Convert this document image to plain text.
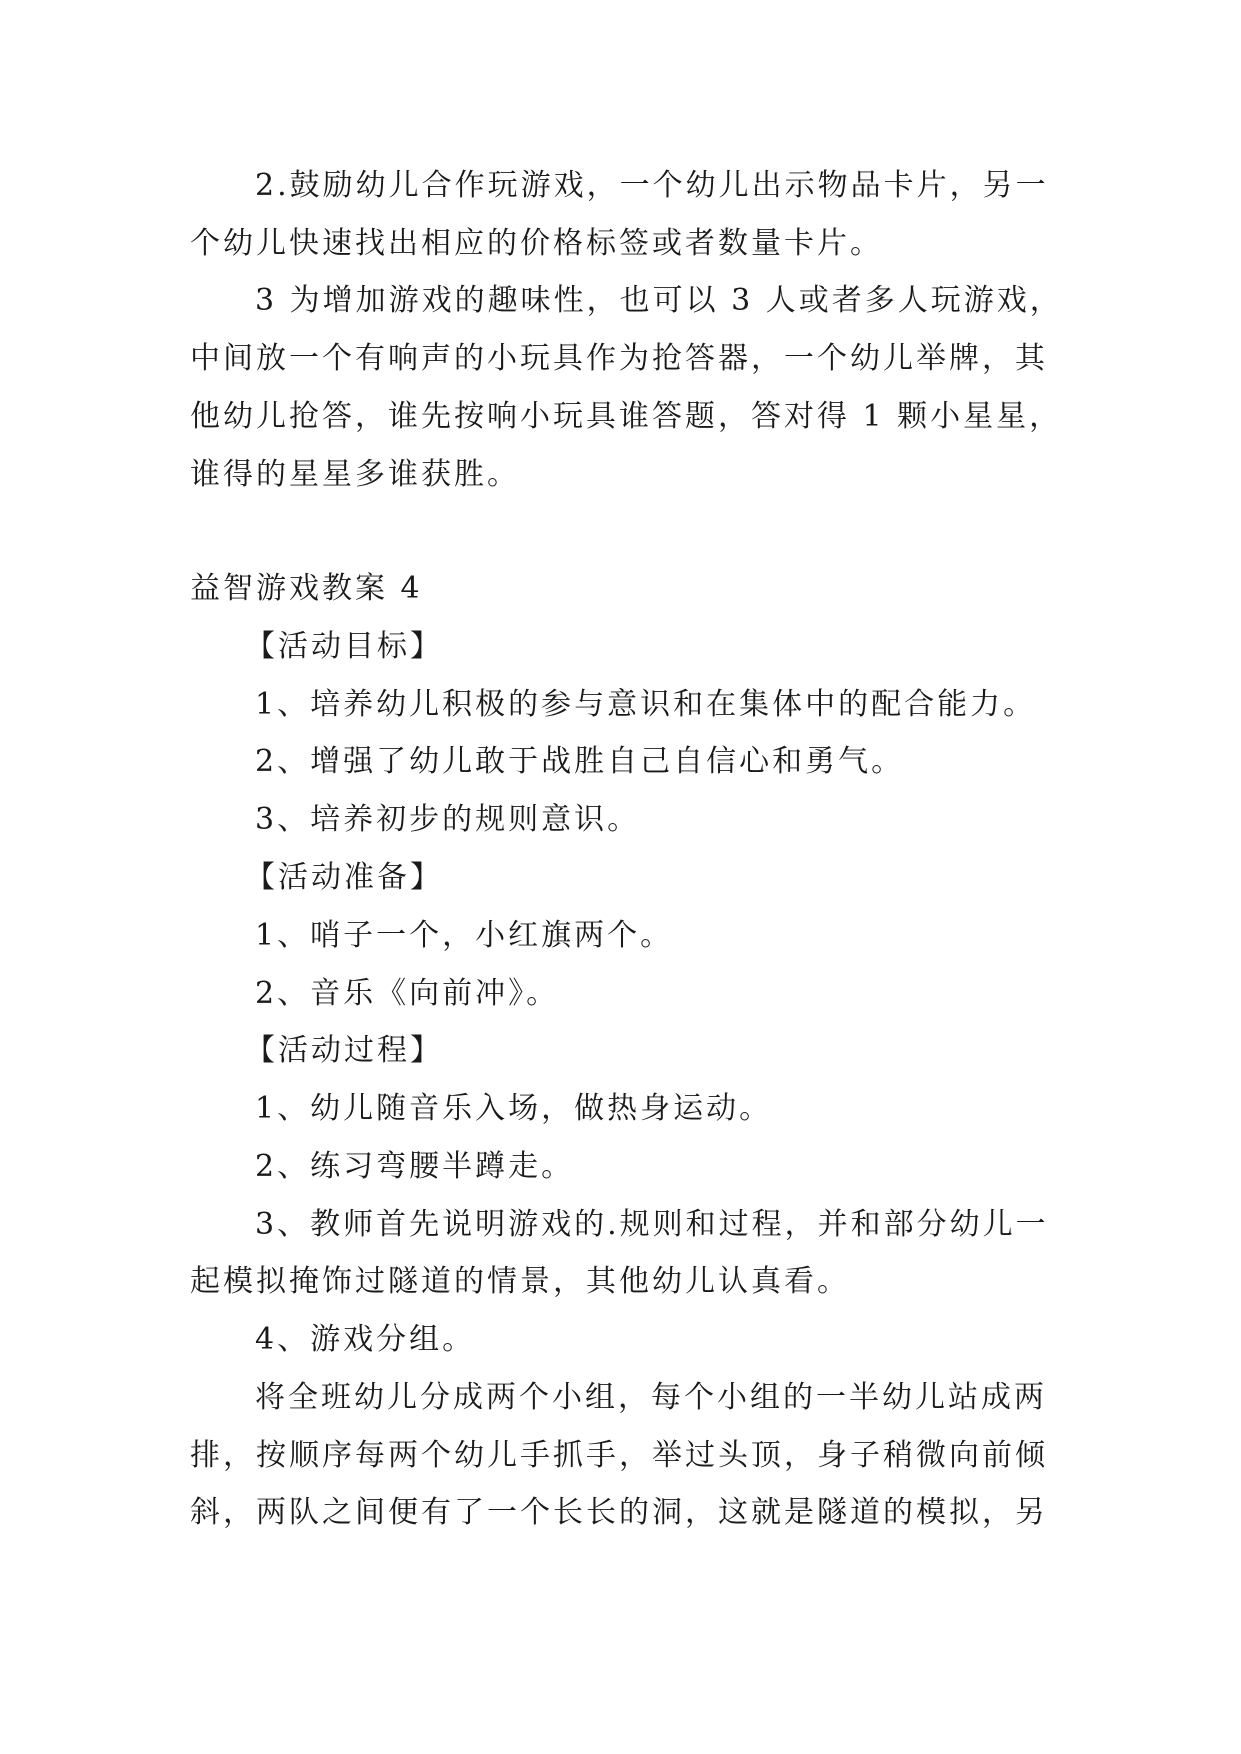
2.鼓励幼儿合作玩游戏，一个幼儿出示物品卡片，另一
个幼儿快速找出相应的价格标签或者数量卡片。
3 为增加游戏的趣味性，也可以 3 人或者多人玩游戏，
中间放一个有响声的小玩具作为抢答器，一个幼儿举牌，其
他幼儿抢答，谁先按响小玩具谁答题，答对得 1 颗小星星，
谁得的星星多谁获胜。
益智游戏教案 4
【活动目标】
1、培养幼儿积极的参与意识和在集体中的配合能力。
2、增强了幼儿敢于战胜自己自信心和勇气。
3、培养初步的规则意识。
【活动准备】
1、哨子一个，小红旗两个。
2、音乐《向前冲》。
【活动过程】
1、幼儿随音乐入场，做热身运动。
2、练习弯腰半蹲走。
3、教师首先说明游戏的.规则和过程，并和部分幼儿一
起模拟掩饰过隧道的情景，其他幼儿认真看。
4、游戏分组。
将全班幼儿分成两个小组，每个小组的一半幼儿站成两
排，按顺序每两个幼儿手抓手，举过头顶，身子稍微向前倾
斜，两队之间便有了一个长长的洞，这就是隧道的模拟，另
